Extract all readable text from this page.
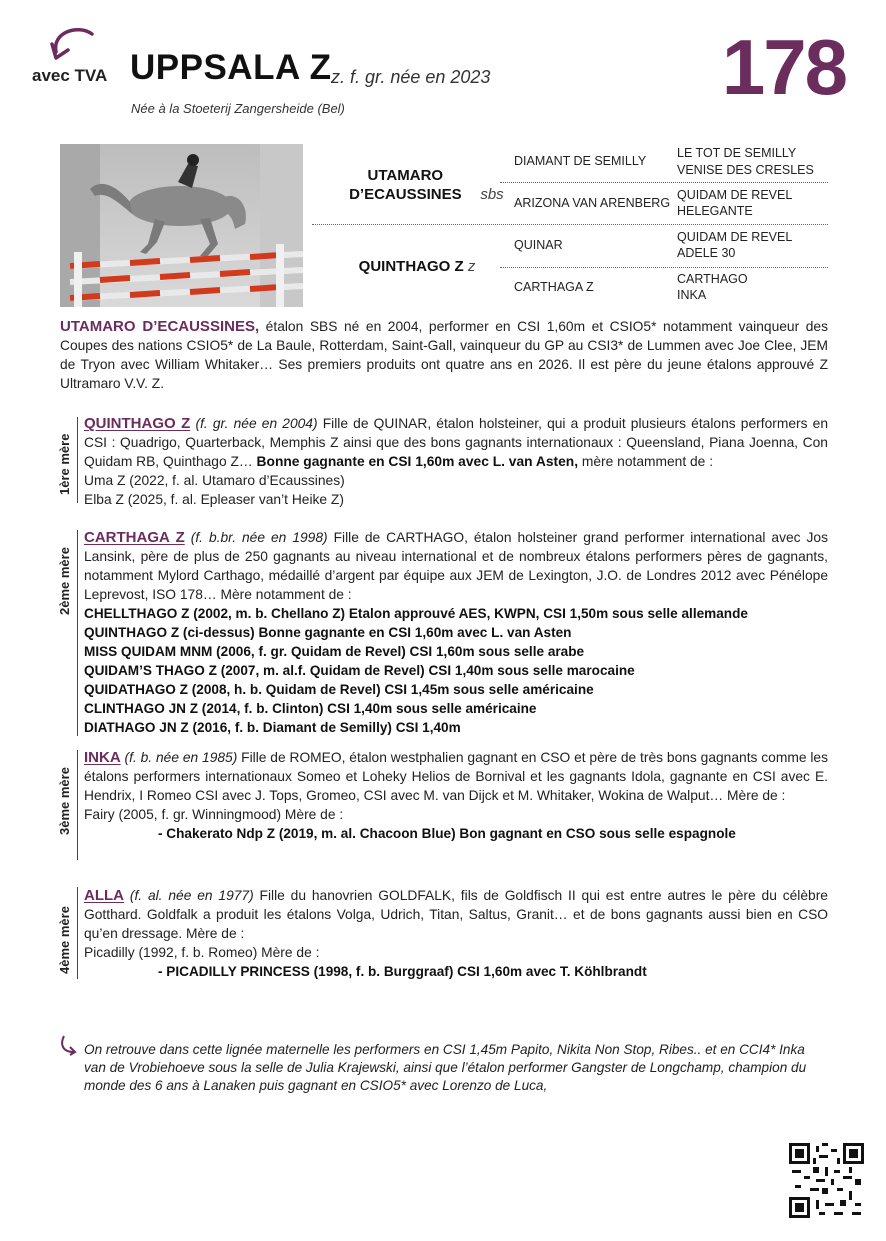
avec TVA UPPSALA Z z. f. gr. née en 2023
Née à la Stoeterij Zangersheide (Bel)	178
UTAMARO D’ECAUSSINES sbs
QUINTHAGO Z z
DIAMANT DE SEMILLY
ARIZONA VAN ARENBERG
QUINAR
CARTHAGA Z
LE TOT DE SEMILLY
VENISE DES CRESLES
QUIDAM DE REVEL
HELEGANTE
QUIDAM DE REVEL
ADELE 30
CARTHAGO
INKA
UTAMARO D’ECAUSSINES, étalon SBS né en 2004, performer en CSI 1,60m et CSIO5* notamment vainqueur des Coupes des nations CSIO5* de La Baule, Rotterdam, Saint-Gall, vainqueur du GP au CSI3* de Lummen avec Joe Clee, JEM de Tryon avec William Whitaker… Ses premiers produits ont quatre ans en 2026. Il est père du jeune étalons approuvé Z Ultramaro V.V. Z.
1ère mère
QUINTHAGO Z (f. gr. née en 2004) Fille de QUINAR, étalon holsteiner, qui a produit plusieurs étalons performers en CSI : Quadrigo, Quarterback, Memphis Z ainsi que des bons gagnants internationaux : Queensland, Piana Joenna, Con Quidam RB, Quinthago Z… Bonne gagnante en CSI 1,60m avec L. van Asten, mère notamment de :
Uma Z (2022, f. al. Utamaro d’Ecaussines)
Elba Z (2025, f. al. Epleaser van’t Heike Z)
2ème mère
CARTHAGA Z (f. b.br. née en 1998) Fille de CARTHAGO, étalon holsteiner grand performer international avec Jos Lansink, père de plus de 250 gagnants au niveau international et de nombreux étalons performers pères de gagnants, notamment Mylord Carthago, médaillé d’argent par équipe aux JEM de Lexington, J.O. de Londres 2012 avec Pénélope Leprevost, ISO 178… Mère notamment de :
CHELLTHAGO Z (2002, m. b. Chellano Z) Etalon approuvé AES, KWPN, CSI 1,50m sous selle allemande
QUINTHAGO Z (ci-dessus) Bonne gagnante en CSI 1,60m avec L. van Asten
MISS QUIDAM MNM (2006, f. gr. Quidam de Revel) CSI 1,60m sous selle arabe
QUIDAM’S THAGO Z (2007, m. al.f. Quidam de Revel) CSI 1,40m sous selle marocaine
QUIDATHAGO Z (2008, h. b. Quidam de Revel) CSI 1,45m sous selle américaine
CLINTHAGO JN Z (2014, f. b. Clinton) CSI 1,40m sous selle américaine
DIATHAGO JN Z (2016, f. b. Diamant de Semilly) CSI 1,40m
3ème mère
INKA (f. b. née en 1985) Fille de ROMEO, étalon westphalien gagnant en CSO et père de très bons gagnants comme les étalons performers internationaux Someo et Loheky Helios de Bornival et les gagnants Idola, gagnante en CSI avec E. Hendrix, I Romeo CSI avec J. Tops, Gromeo, CSI avec M. van Dijck et M. Whitaker, Wokina de Walput… Mère de :
Fairy (2005, f. gr. Winningmood) Mère de :
- Chakerato Ndp Z (2019, m. al. Chacoon Blue) Bon gagnant en CSO sous selle espagnole
4ème mère
ALLA (f. al. née en 1977) Fille du hanovrien GOLDFALK, fils de Goldfisch II qui est entre autres le père du célèbre Gotthard. Goldfalk a produit les étalons Volga, Udrich, Titan, Saltus, Granit… et de bons gagnants aussi bien en CSO qu’en dressage. Mère de :
Picadilly (1992, f. b. Romeo) Mère de :
- PICADILLY PRINCESS (1998, f. b. Burggraaf) CSI 1,60m avec T. Köhlbrandt
On retrouve dans cette lignée maternelle les performers en CSI 1,45m Papito, Nikita Non Stop, Ribes.. et en CCI4* Inka van de Vrobiehoeve sous la selle de Julia Krajewski, ainsi que l’étalon performer Gangster de Longchamp, champion du monde des 6 ans à Lanaken puis gagnant en CSIO5* avec Lorenzo de Luca,
